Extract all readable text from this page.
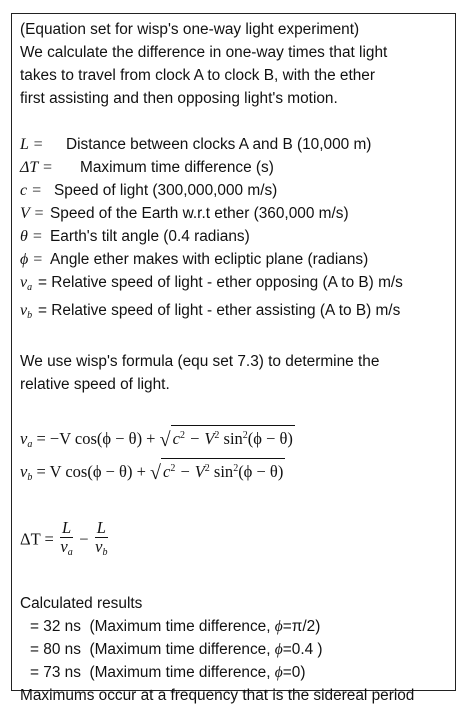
(Equation set for wisp's one-way light experiment)
We calculate the difference in one-way times that light
takes to travel from clock A to clock B, with the ether
first assisting and then opposing light's motion.
L =	Distance between clocks A and B (10,000 m)
ΔT =	Maximum time difference (s)
c = Speed of light (300,000,000 m/s)
V = Speed of the Earth w.r.t ether (360,000 m/s)
θ = Earth's tilt angle (0.4 radians)
ϕ = Angle ether makes with ecliptic plane (radians)
$v_a$ = Relative speed of light - ether opposing (A to B) m/s
$v_b$ = Relative speed of light - ether assisting (A to B) m/s
We use wisp's formula (equ set 7.3) to determine the
relative speed of light.
$v_a = -V$ cos(ϕ − θ) + √ $c^2 - V^2$ $\sin^2(\phi - \theta)$
$v_b = V$ cos(ϕ − θ) + √ $c^2 - V^2$ $\sin^2(\phi - \theta)$
$\Delta T = \frac{L}{v_a} - \frac{L}{v_b}$
Calculated results
= 32 ns (Maximum time difference, ϕ=π/2)
= 80 ns (Maximum time difference, ϕ=0.4 )
= 73 ns (Maximum time difference, ϕ=0)
Maximums occur at a frequency that is the sidereal period
